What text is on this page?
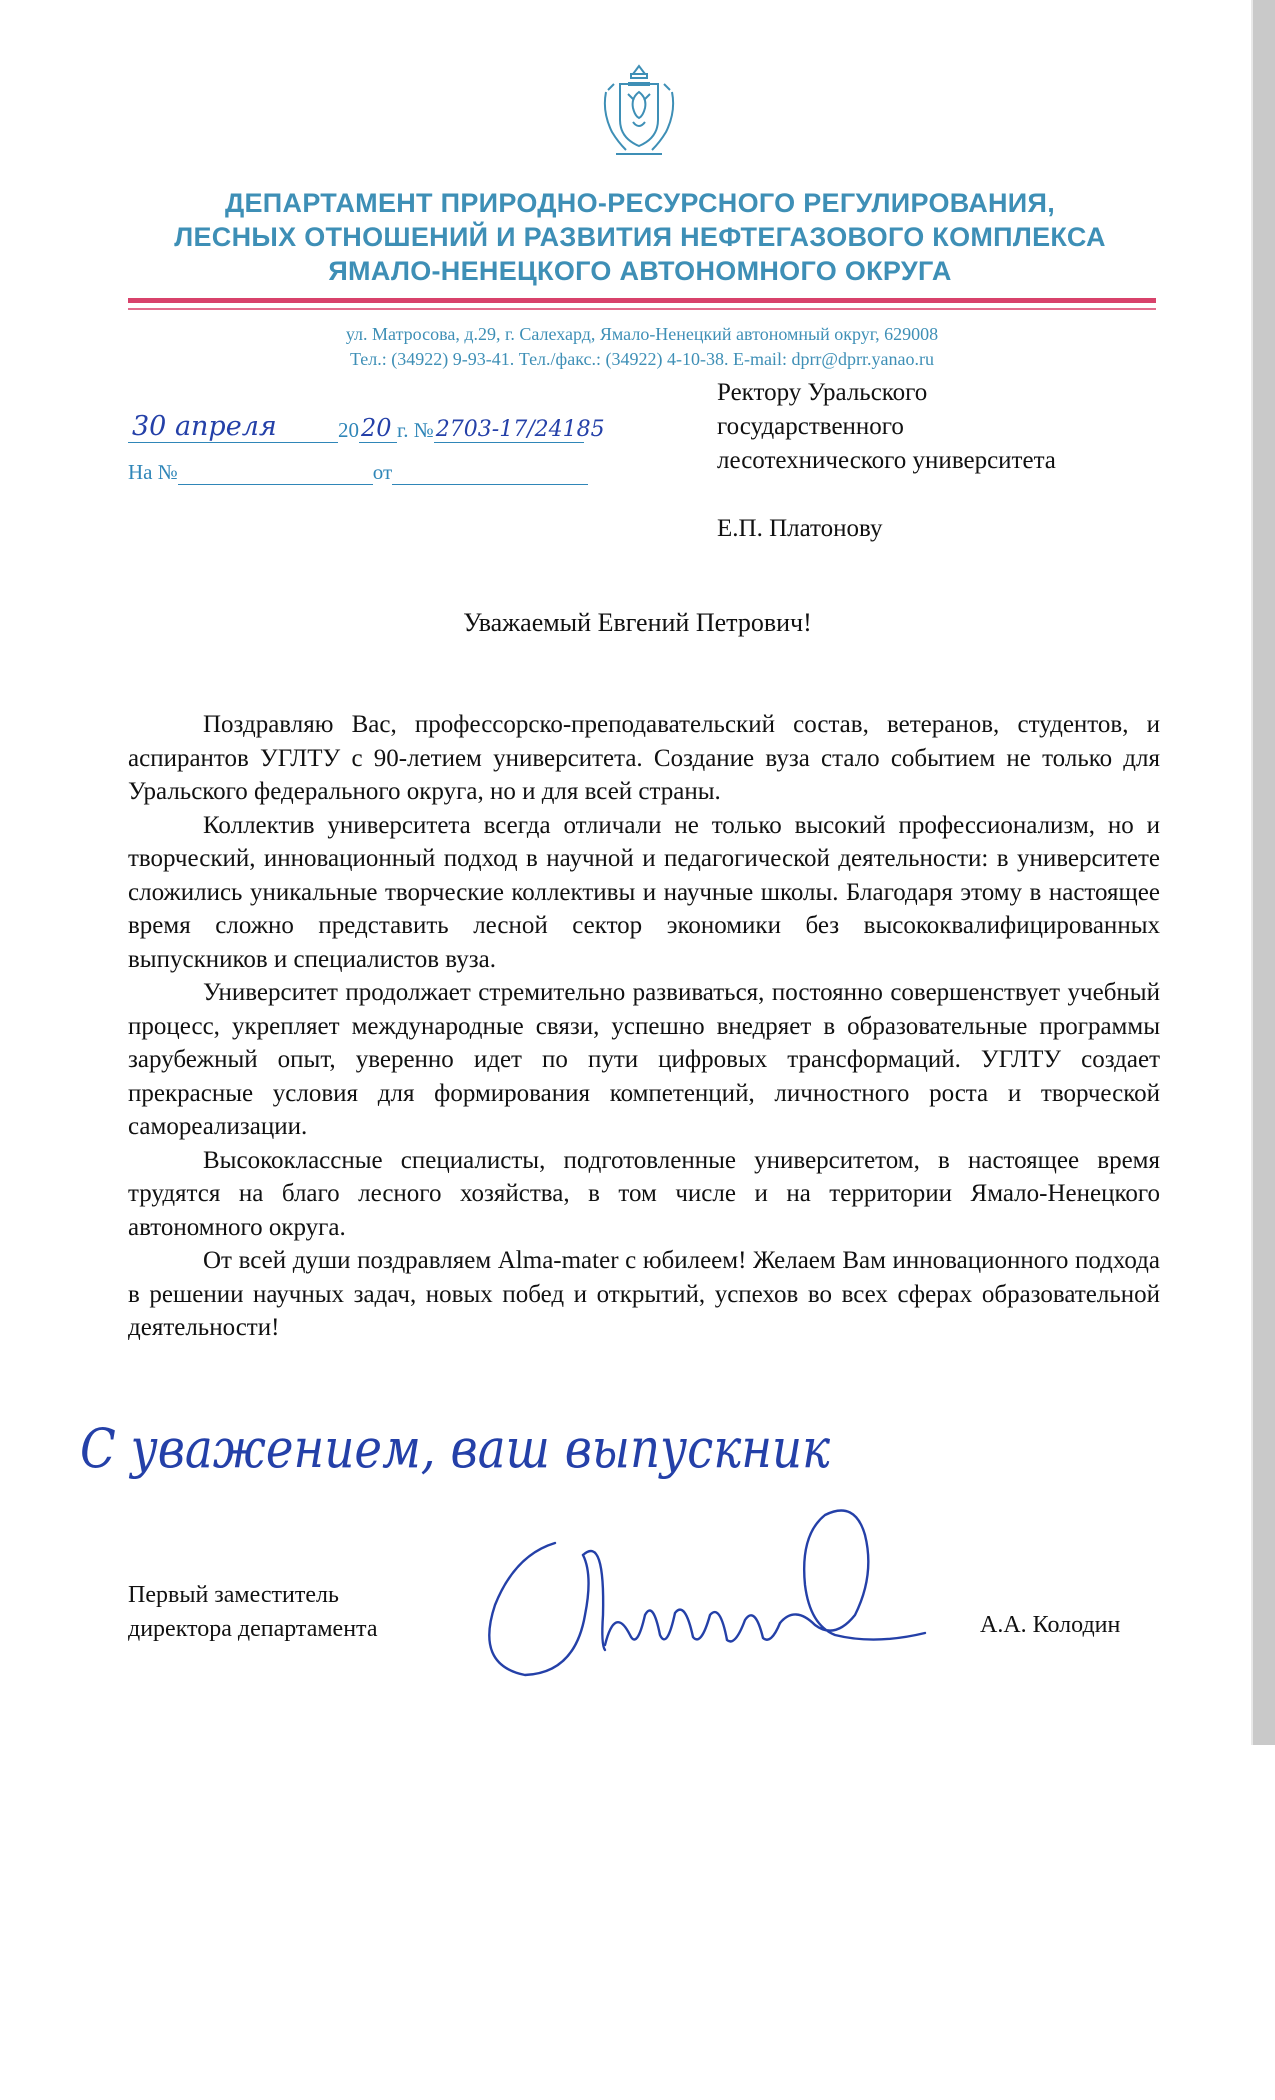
ДЕПАРТАМЕНТ ПРИРОДНО-РЕСУРСНОГО РЕГУЛИРОВАНИЯ,
ЛЕСНЫХ ОТНОШЕНИЙ И РАЗВИТИЯ НЕФТЕГАЗОВОГО КОМПЛЕКСА
ЯМАЛО-НЕНЕЦКОГО АВТОНОМНОГО ОКРУГА
ул. Матросова, д.29, г. Салехард, Ямало-Ненецкий автономный округ, 629008
Тел.: (34922) 9-93-41. Тел./факс.: (34922) 4-10-38. E-mail: dprr@dprr.yanao.ru
30 апреля	20 20 г. № 2703-17/24185
На №	от
Ректору Уральского
государственного
лесотехнического университета
Е.П. Платонову
Уважаемый Евгений Петрович!

Поздравляю Вас, профессорско-преподавательский состав, ветеранов, студентов, и аспирантов УГЛТУ с 90-летием университета. Создание вуза стало событием не только для Уральского федерального округа, но и для всей страны.

Коллектив университета всегда отличали не только высокий профессионализм, но и творческий, инновационный подход в научной и педагогической деятельности: в университете сложились уникальные творческие коллективы и научные школы. Благодаря этому в настоящее время сложно представить лесной сектор экономики без высококвалифицированных выпускников и специалистов вуза.

Университет продолжает стремительно развиваться, постоянно совершенствует учебный процесс, укрепляет международные связи, успешно внедряет в образовательные программы зарубежный опыт, уверенно идет по пути цифровых трансформаций. УГЛТУ создает прекрасные условия для формирования компетенций, личностного роста и творческой самореализации.

Высококлассные специалисты, подготовленные университетом, в настоящее время трудятся на благо лесного хозяйства, в том числе и на территории Ямало-Ненецкого автономного округа.

От всей души поздравляем Alma-mater с юбилеем! Желаем Вам инновационного подхода в решении научных задач, новых побед и открытий, успехов во всех сферах образовательной деятельности!

С уважением, ваш выпускник
Первый заместитель
директора департамента	А.А. Колодин
